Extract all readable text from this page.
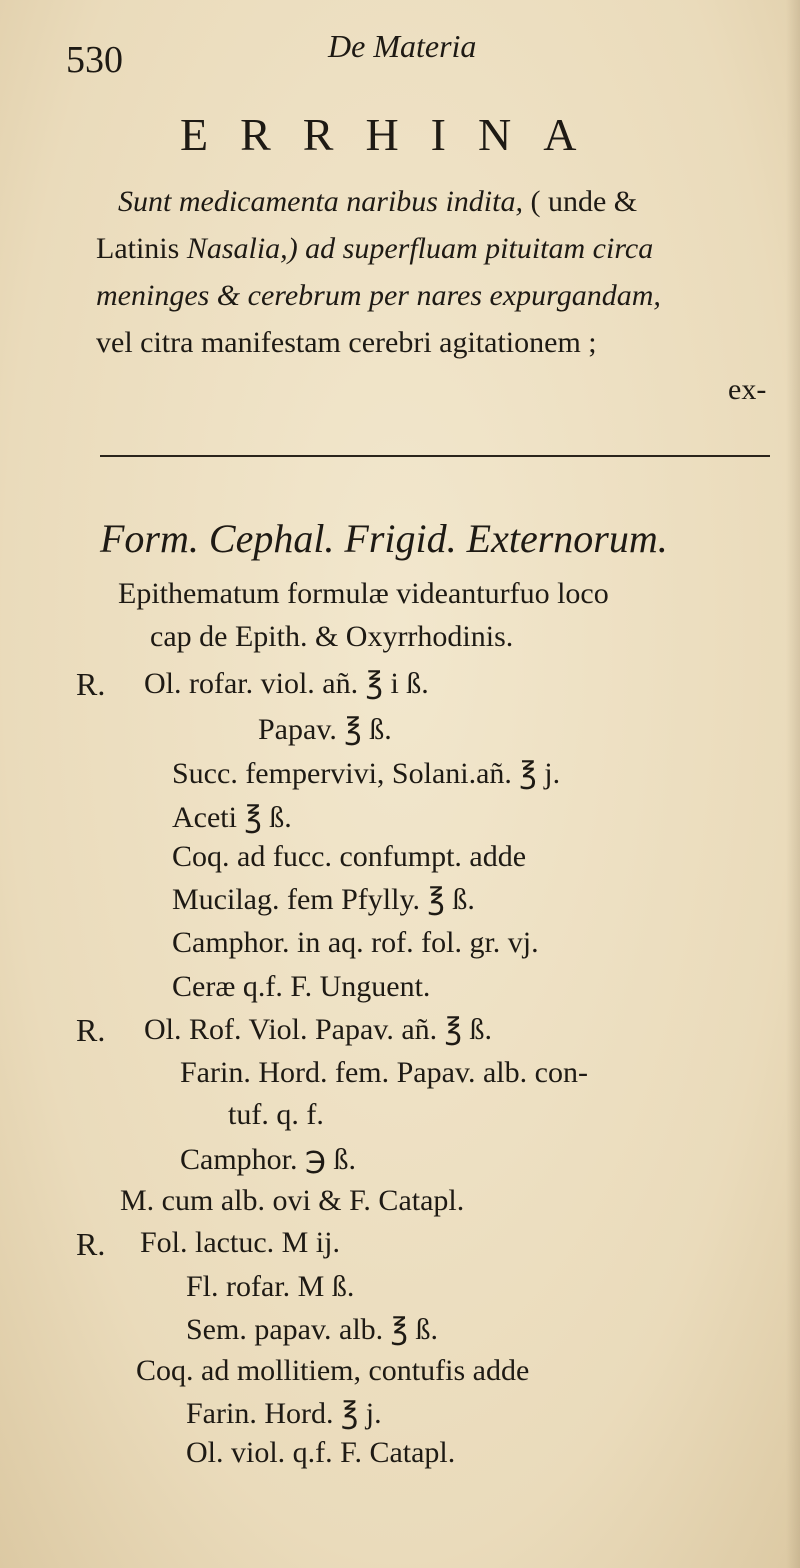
530	De Materia
ERRHINA
Sunt medicamenta naribus indita, ( unde &
Latinis Nasalia,) ad superfluam pituitam circa
meninges & cerebrum per nares expurgandam,
vel citra manifestam cerebri agitationem ;
ex-
Form. Cephal. Frigid. Externorum.
Epithematum formulæ videanturfuo loco
cap de Epith. & Oxyrrhodinis.
R. Ol. rofar. viol. añ. ℥ i ß.
Papav. ℥ ß.
Succ. fempervivi, Solani.añ. ℥ j.
Aceti ℥ ß.
Coq. ad fucc. confumpt. adde
Mucilag. fem Pfylly. ℥ ß.
Camphor. in aq. rof. fol. gr. vj.
Ceræ q.f. F. Unguent.
R. Ol. Rof. Viol. Papav. añ. ℥ ß.
Farin. Hord. fem. Papav. alb. con-
tuf. q. f.
Camphor. ℈ ß.
M. cum alb. ovi & F. Catapl.
R. Fol. lactuc. M ij.
Fl. rofar. M ß.
Sem. papav. alb. ℥ ß.
Coq. ad mollitiem, contufis adde
Farin. Hord. ℥ j.
Ol. viol. q.f. F. Catapl.
